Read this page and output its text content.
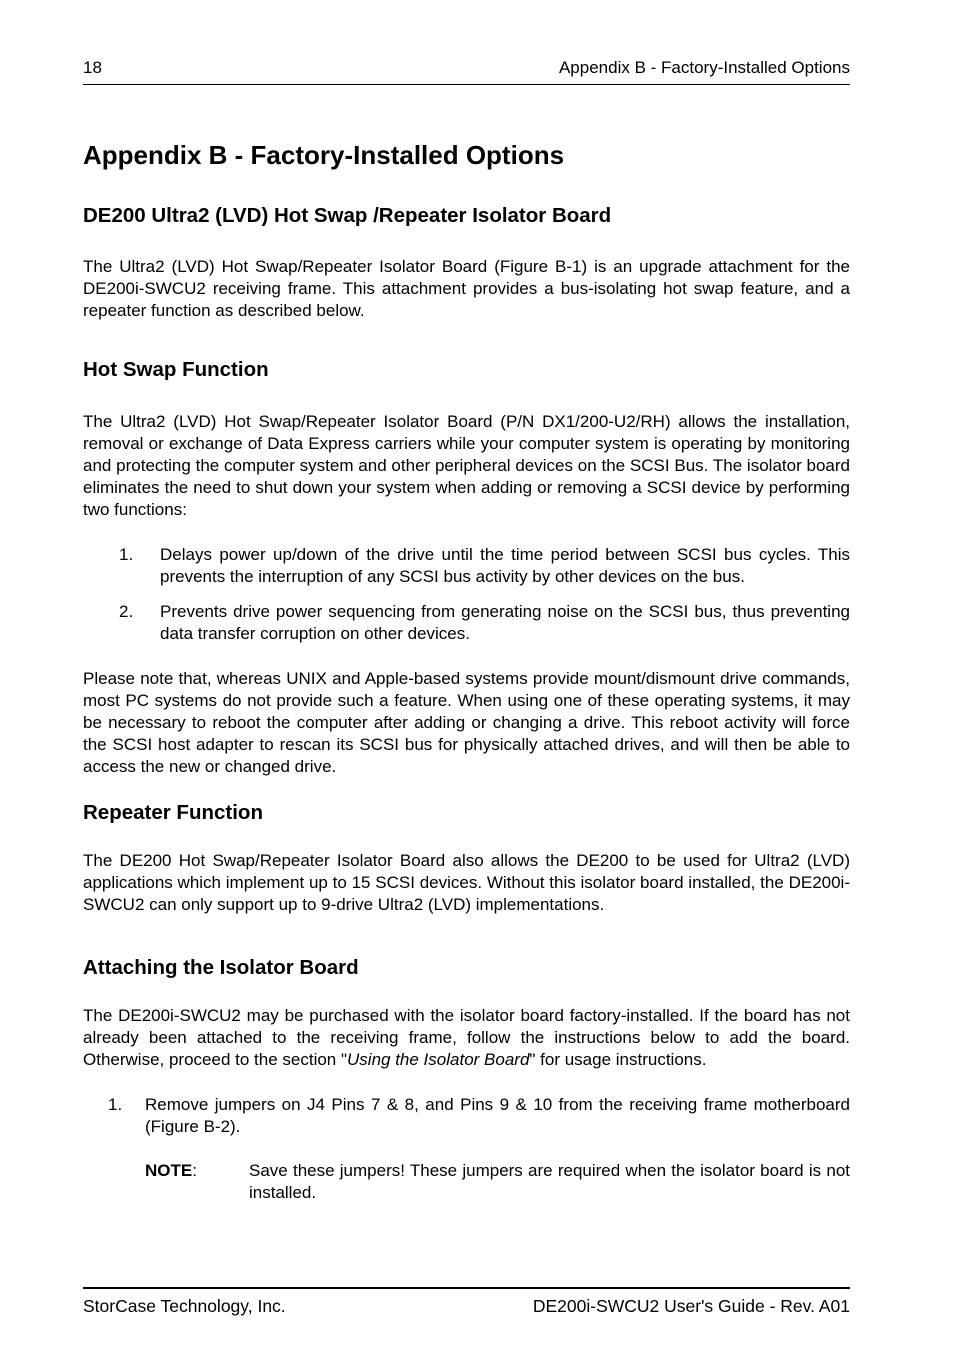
18	Appendix B - Factory-Installed Options
Appendix B - Factory-Installed Options
DE200 Ultra2 (LVD) Hot Swap /Repeater Isolator Board

The Ultra2 (LVD) Hot Swap/Repeater Isolator Board (Figure B-1) is an upgrade attachment for the DE200i-SWCU2 receiving frame. This attachment provides a bus-isolating hot swap feature, and a repeater function as described below.

Hot Swap Function

The Ultra2 (LVD) Hot Swap/Repeater Isolator Board (P/N DX1/200-U2/RH) allows the installation, removal or exchange of Data Express carriers while your computer system is operating by monitoring and protecting the computer system and other peripheral devices on the SCSI Bus. The isolator board eliminates the need to shut down your system when adding or removing a SCSI device by performing two functions:

1. Delays power up/down of the drive until the time period between SCSI bus cycles. This prevents the interruption of any SCSI bus activity by other devices on the bus.
2. Prevents drive power sequencing from generating noise on the SCSI bus, thus preventing data transfer corruption on other devices.

Please note that, whereas UNIX and Apple-based systems provide mount/dismount drive commands, most PC systems do not provide such a feature. When using one of these operating systems, it may be necessary to reboot the computer after adding or changing a drive. This reboot activity will force the SCSI host adapter to rescan its SCSI bus for physically attached drives, and will then be able to access the new or changed drive.

Repeater Function

The DE200 Hot Swap/Repeater Isolator Board also allows the DE200 to be used for Ultra2 (LVD) applications which implement up to 15 SCSI devices. Without this isolator board installed, the DE200i-SWCU2 can only support up to 9-drive Ultra2 (LVD) implementations.

Attaching the Isolator Board

The DE200i-SWCU2 may be purchased with the isolator board factory-installed. If the board has not already been attached to the receiving frame, follow the instructions below to add the board. Otherwise, proceed to the section "Using the Isolator Board" for usage instructions.

1. Remove jumpers on J4 Pins 7 & 8, and Pins 9 & 10 from the receiving frame motherboard (Figure B-2).
NOTE:	Save these jumpers! These jumpers are required when the isolator board is not installed.
StorCase Technology, Inc.	DE200i-SWCU2 User's Guide - Rev. A01
